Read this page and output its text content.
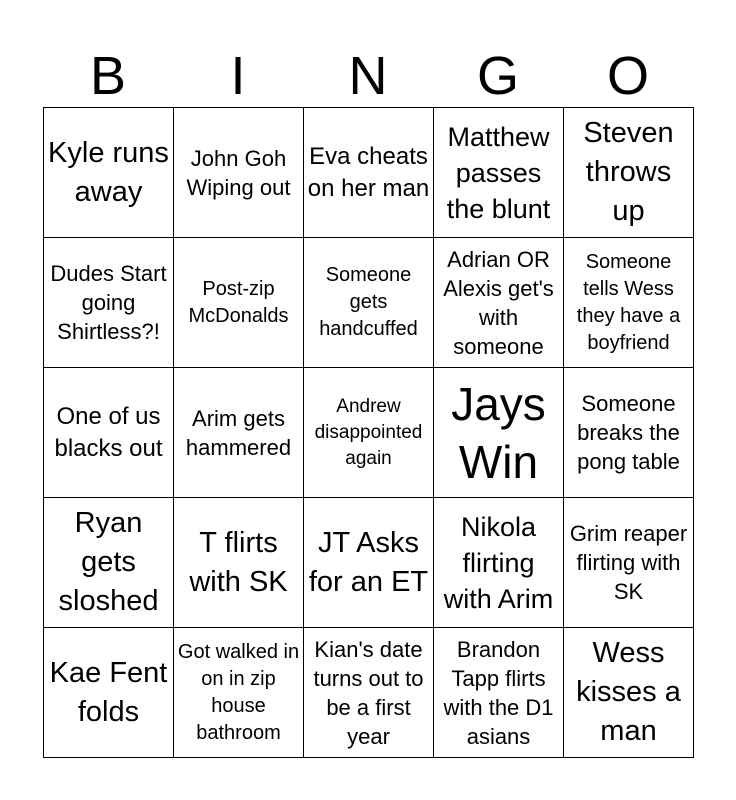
B	I	N	G	O
Kyle runs away	John Goh Wiping out	Eva cheats on her man	Matthew passes the blunt	Steven throws up
Dudes Start going Shirtless?!	Post-zip McDonalds	Someone gets handcuffed	Adrian OR Alexis get's with someone	Someone tells Wess they have a boyfriend
One of us blacks out	Arim gets hammered	Andrew disappointed again	Jays Win	Someone breaks the pong table
Ryan gets sloshed	T flirts with SK	JT Asks for an ET	Nikola flirting with Arim	Grim reaper flirting with SK
Kae Fent folds	Got walked in on in zip house bathroom	Kian's date turns out to be a first year	Brandon Tapp flirts with the D1 asians	Wess kisses a man
